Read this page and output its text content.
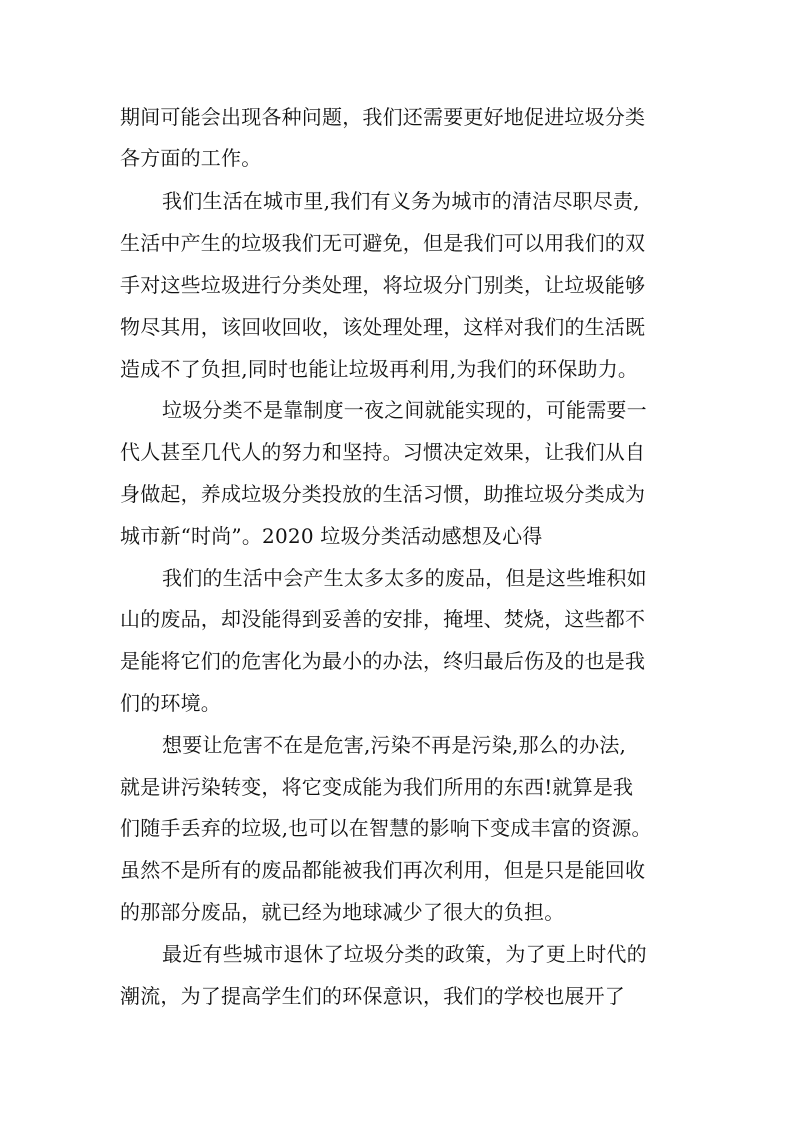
期间可能会出现各种问题，我们还需要更好地促进垃圾分类
各方面的工作。
我们生活在城市里,我们有义务为城市的清洁尽职尽责,
生活中产生的垃圾我们无可避免，但是我们可以用我们的双
手对这些垃圾进行分类处理，将垃圾分门别类，让垃圾能够
物尽其用，该回收回收，该处理处理，这样对我们的生活既
造成不了负担,同时也能让垃圾再利用,为我们的环保助力。
垃圾分类不是靠制度一夜之间就能实现的，可能需要一
代人甚至几代人的努力和坚持。习惯决定效果，让我们从自
身做起，养成垃圾分类投放的生活习惯，助推垃圾分类成为
城市新“时尚”。2020 垃圾分类活动感想及心得
我们的生活中会产生太多太多的废品，但是这些堆积如
山的废品，却没能得到妥善的安排，掩埋、焚烧，这些都不
是能将它们的危害化为最小的办法，终归最后伤及的也是我
们的环境。
想要让危害不在是危害,污染不再是污染,那么的办法,
就是讲污染转变，将它变成能为我们所用的东西!就算是我
们随手丢弃的垃圾,也可以在智慧的影响下变成丰富的资源。
虽然不是所有的废品都能被我们再次利用，但是只是能回收
的那部分废品，就已经为地球减少了很大的负担。
最近有些城市退休了垃圾分类的政策，为了更上时代的
潮流，为了提高学生们的环保意识，我们的学校也展开了
